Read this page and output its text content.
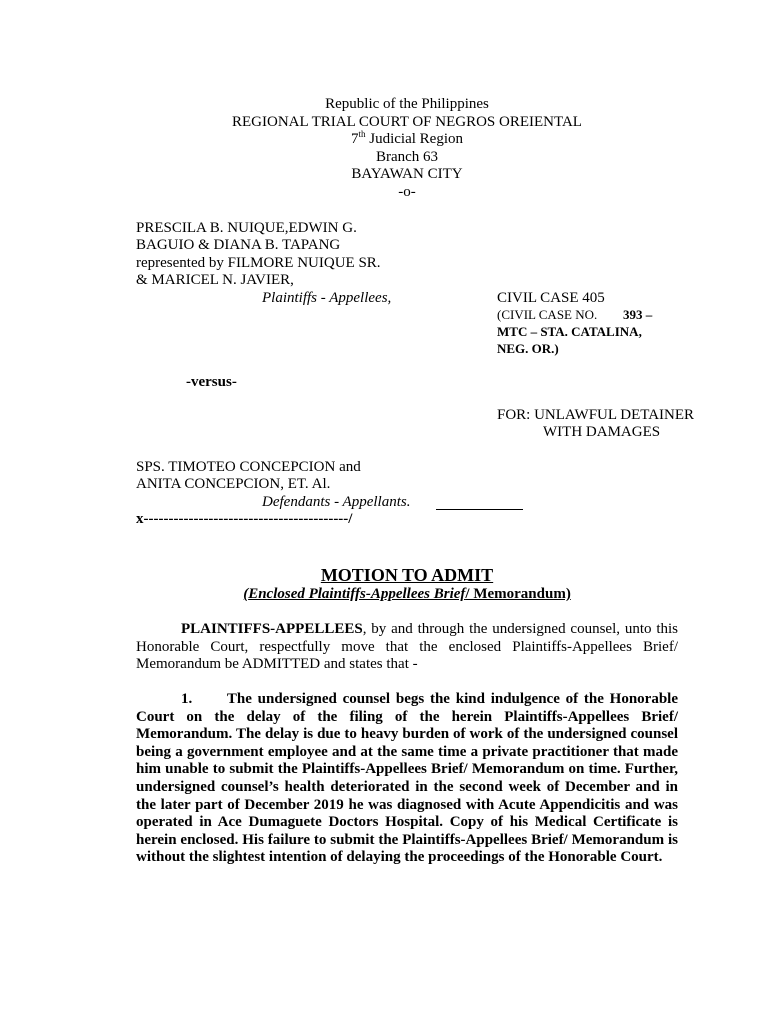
Republic of the Philippines
REGIONAL TRIAL COURT OF NEGROS OREIENTAL
7th Judicial Region
Branch 63
BAYAWAN CITY
-o-
PRESCILA B. NUIQUE,EDWIN G.
BAGUIO & DIANA B. TAPANG
represented by FILMORE NUIQUE SR.
& MARICEL N. JAVIER,
Plaintiffs - Appellees,	CIVIL CASE 405
(CIVIL CASE NO. 393 –
MTC – STA. CATALINA,
NEG. OR.)
-versus-
FOR: UNLAWFUL DETAINER
WITH DAMAGES
SPS. TIMOTEO CONCEPCION and
ANITA CONCEPCION, ET. Al.
Defendants - Appellants.
x-----------------------------------------/
MOTION TO ADMIT
(Enclosed Plaintiffs-Appellees Brief/ Memorandum)
PLAINTIFFS-APPELLEES, by and through the undersigned counsel, unto this Honorable Court, respectfully move that the enclosed Plaintiffs-Appellees Brief/ Memorandum be ADMITTED and states that -
1. The undersigned counsel begs the kind indulgence of the Honorable Court on the delay of the filing of the herein Plaintiffs-Appellees Brief/ Memorandum. The delay is due to heavy burden of work of the undersigned counsel being a government employee and at the same time a private practitioner that made him unable to submit the Plaintiffs-Appellees Brief/ Memorandum on time. Further, undersigned counsel’s health deteriorated in the second week of December and in the later part of December 2019 he was diagnosed with Acute Appendicitis and was operated in Ace Dumaguete Doctors Hospital. Copy of his Medical Certificate is herein enclosed. His failure to submit the Plaintiffs-Appellees Brief/ Memorandum is without the slightest intention of delaying the proceedings of the Honorable Court.
